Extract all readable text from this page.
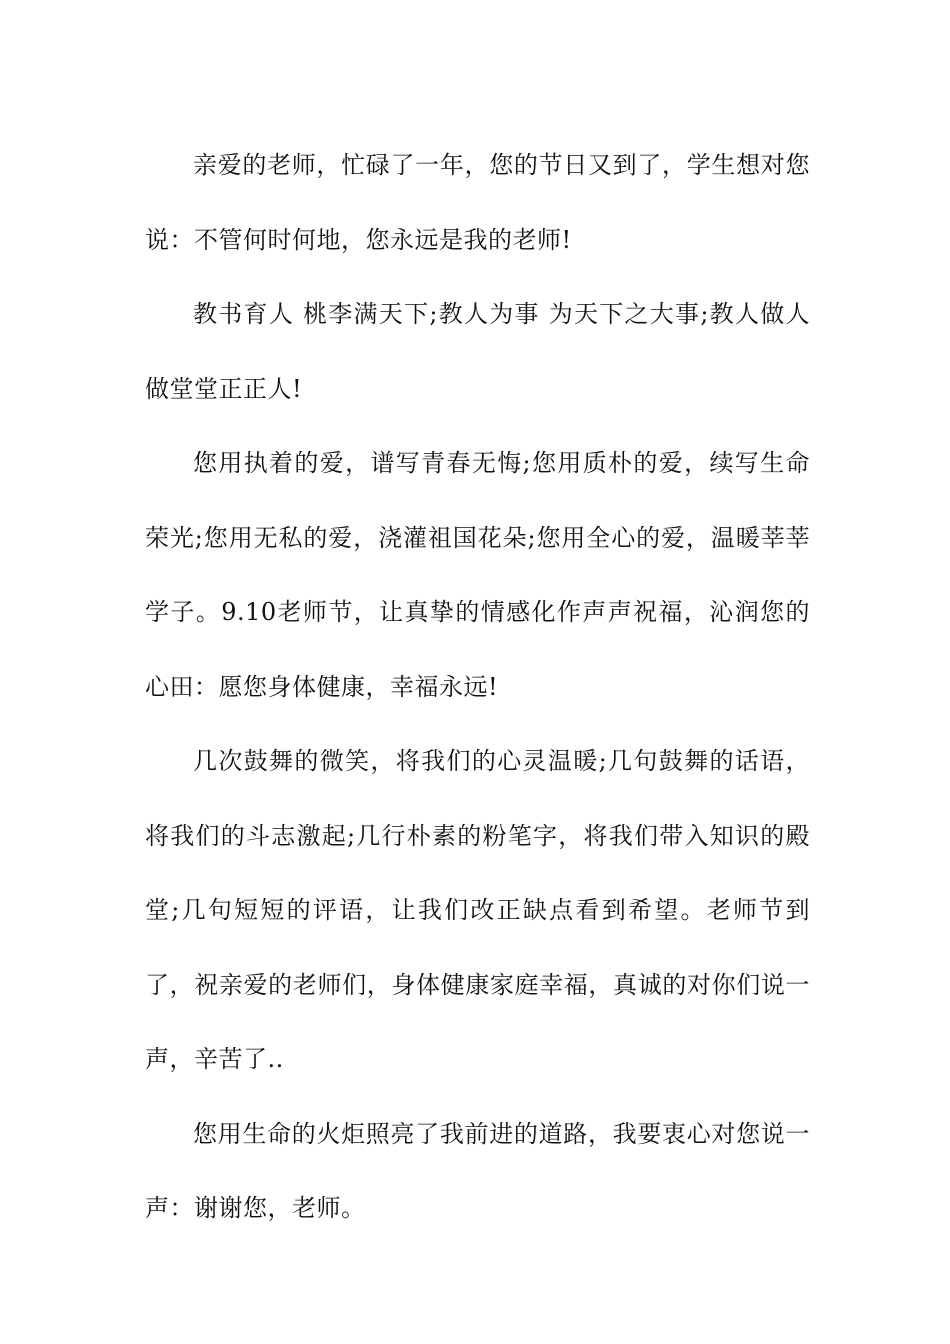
亲爱的老师，忙碌了一年，您的节日又到了，学生想对您说：不管何时何地，您永远是我的老师!

教书育人 桃李满天下;教人为事 为天下之大事;教人做人做堂堂正正人!

您用执着的爱，谱写青春无悔;您用质朴的爱，续写生命荣光;您用无私的爱，浇灌祖国花朵;您用全心的爱，温暖莘莘学子。9.10老师节，让真挚的情感化作声声祝福，沁润您的心田：愿您身体健康，幸福永远!

几次鼓舞的微笑，将我们的心灵温暖;几句鼓舞的话语，将我们的斗志激起;几行朴素的粉笔字，将我们带入知识的殿堂;几句短短的评语，让我们改正缺点看到希望。老师节到了，祝亲爱的老师们，身体健康家庭幸福，真诚的对你们说一声，辛苦了..

您用生命的火炬照亮了我前进的道路，我要衷心对您说一声：谢谢您，老师。
